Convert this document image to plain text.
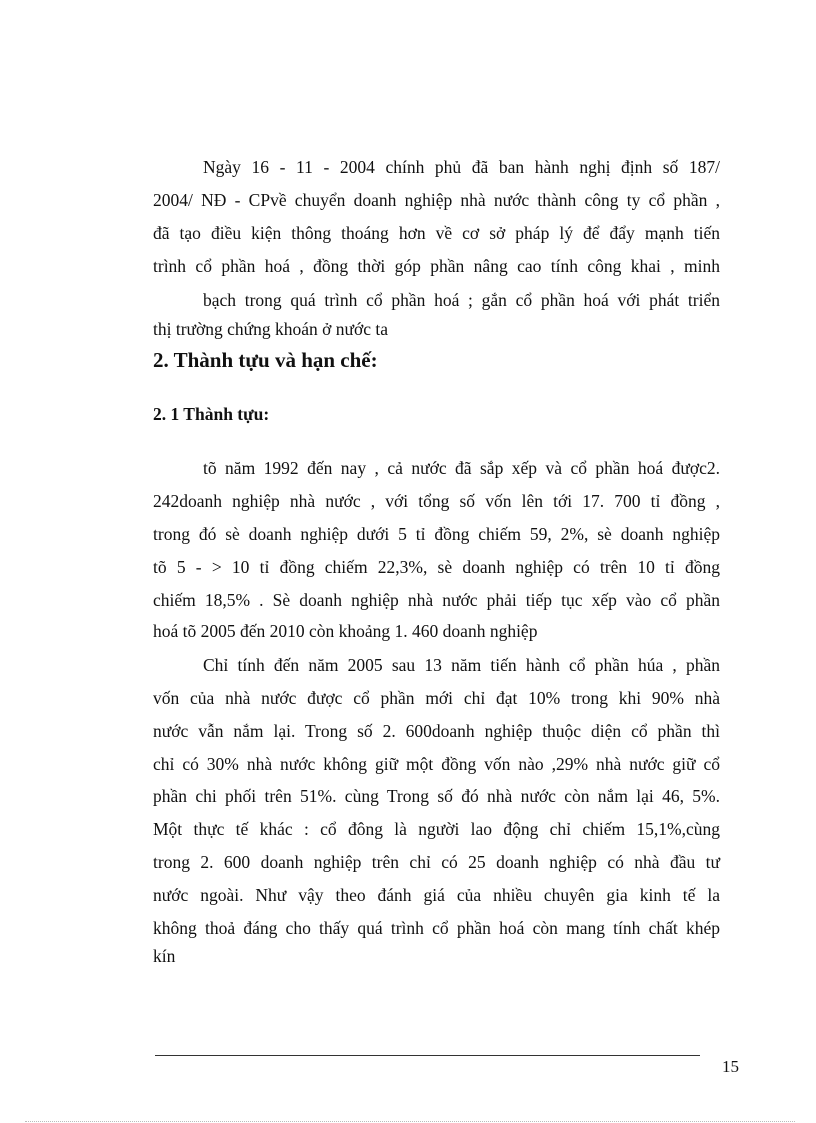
Ngày 16 - 11 - 2004 chính phủ đã ban hành nghị định số 187/
2004/ NĐ - CPvề chuyển doanh nghiệp nhà nước thành công ty cổ phần ,
đã tạo điều kiện thông thoáng hơn về cơ sở pháp lý để đẩy mạnh tiến
trình cổ phần hoá , đồng thời góp phần nâng cao tính công khai , minh
bạch trong quá trình cổ phần hoá ; gắn cổ phần hoá với phát triển
thị trường chứng khoán ở nước ta
2. Thành tựu và hạn chế:
2. 1 Thành tựu:
tõ năm 1992 đến nay , cả nước đã sắp xếp và cổ phần hoá được2.
242doanh nghiệp nhà nước , với tổng số vốn lên tới 17. 700 tỉ đồng ,
trong đó sè doanh nghiệp dưới 5 tỉ đồng chiếm 59, 2%, sè doanh nghiệp
tõ 5 - > 10 tỉ đồng chiếm 22,3%, sè doanh nghiệp có trên 10 tỉ đồng
chiếm 18,5% . Sè doanh nghiệp nhà nước phải tiếp tục xếp vào cổ phần
hoá tõ 2005 đến 2010 còn khoảng 1. 460 doanh nghiệp
Chỉ tính đến năm 2005 sau 13 năm tiến hành cổ phần húa , phần
vốn của nhà nước được cổ phần mới chỉ đạt 10% trong khi 90% nhà
nước vẫn nắm lại. Trong số 2. 600doanh nghiệp thuộc diện cổ phần thì
chỉ có 30% nhà nước không giữ một đồng vốn nào ,29% nhà nước giữ cổ
phần chi phối trên 51%. cùng Trong số đó nhà nước còn nắm lại 46, 5%.
Một thực tế khác : cổ đông là người lao động chỉ chiếm 15,1%,cùng
trong 2. 600 doanh nghiệp trên chỉ có 25 doanh nghiệp có nhà đầu tư
nước ngoài. Như vậy theo đánh giá của nhiều chuyên gia kinh tế la
không thoả đáng cho thấy quá trình cổ phần hoá còn mang tính chất khép
kín
15
